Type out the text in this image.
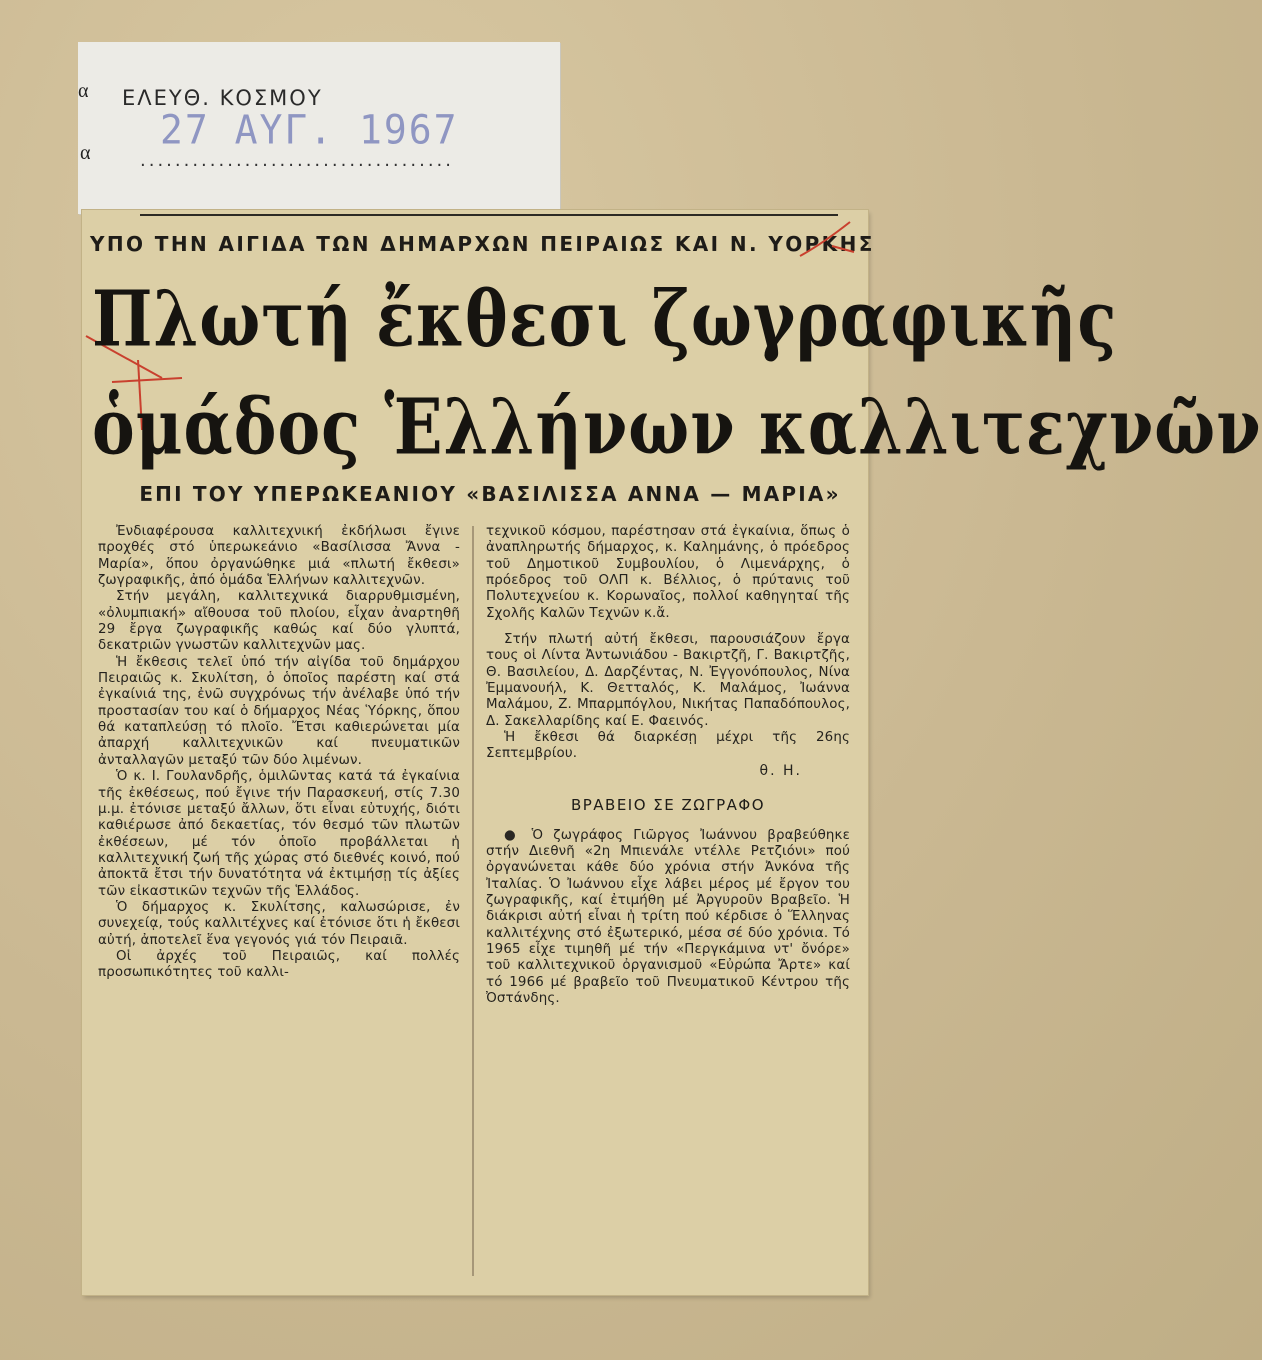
α ΕΛΕΥΘ. ΚΟΣΜΟΥ
27 ΑΥΓ. 1967
α	....................................
ΥΠΟ ΤΗΝ ΑΙΓΙΔΑ ΤΩΝ ΔΗΜΑΡΧΩΝ ΠΕΙΡΑΙΩΣ ΚΑΙ Ν. ΥΟΡΚΗΣ
Πλωτή ἔκθεσι ζωγραφικῆς
ὁμάδος Ἑλλήνων καλλιτεχνῶν
ΕΠΙ ΤΟΥ ΥΠΕΡΩΚΕΑΝΙΟΥ «ΒΑΣΙΛΙΣΣΑ ΑΝΝΑ — ΜΑΡΙΑ»

Ἐνδιαφέρουσα καλλιτεχνική ἐκδήλωσι ἔγινε προχθές στό ὑπερωκεάνιο «Βασίλισσα Ἄννα - Μαρία», ὅπου ὀργανώθηκε μιά «πλωτή ἔκθεσι» ζωγραφικῆς, ἀπό ὁμάδα Ἑλλήνων καλλιτεχνῶν.

Στήν μεγάλη, καλλιτεχνικά διαρρυθμισμένη, «ὀλυμπιακή» αἴθουσα τοῦ πλοίου, εἶχαν ἀναρτηθῆ 29 ἔργα ζωγραφικῆς καθώς καί δύο γλυπτά, δεκατριῶν γνωστῶν καλλιτεχνῶν μας.

Ἡ ἔκθεσις τελεῖ ὑπό τήν αἰγίδα τοῦ δημάρχου Πειραιῶς κ. Σκυλίτση, ὁ ὁποῖος παρέστη καί στά ἐγκαίνιά της, ἐνῶ συγχρόνως τήν ἀνέλαβε ὑπό τήν προστασίαν του καί ὁ δήμαρχος Νέας Ὑόρκης, ὅπου θά καταπλεύσῃ τό πλοῖο. Ἔτσι καθιερώνεται μία ἀπαρχή καλλιτεχνικῶν καί πνευματικῶν ἀνταλλαγῶν μεταξύ τῶν δύο λιμένων.

Ὁ κ. Ι. Γουλανδρῆς, ὁμιλῶντας κατά τά ἐγκαίνια τῆς ἐκθέσεως, πού ἔγινε τήν Παρασκευή, στίς 7.30 μ.μ. ἐτόνισε μεταξύ ἄλλων, ὅτι εἶναι εὐτυχής, διότι καθιέρωσε ἀπό δεκαετίας, τόν θεσμό τῶν πλωτῶν ἐκθέσεων, μέ τόν ὁποῖο προβάλλεται ἡ καλλιτεχνική ζωή τῆς χώρας στό διεθνές κοινό, πού ἀποκτᾶ ἔτσι τήν δυνατότητα νά ἐκτιμήσῃ τίς ἀξίες τῶν εἰκαστικῶν τεχνῶν τῆς Ἑλλάδος.

Ὁ δήμαρχος κ. Σκυλίτσης, καλωσώρισε, ἐν συνεχείᾳ, τούς καλλιτέχνες καί ἐτόνισε ὅτι ἡ ἔκθεσι αὐτή, ἀποτελεῖ ἕνα γεγονός γιά τόν Πειραιᾶ.

Οἱ ἀρχές τοῦ Πειραιῶς, καί πολλές προσωπικότητες τοῦ καλλι-

τεχνικοῦ κόσμου, παρέστησαν στά ἐγκαίνια, ὅπως ὁ ἀναπληρωτής δήμαρχος, κ. Καλημάνης, ὁ πρόεδρος τοῦ Δημοτικοῦ Συμβουλίου, ὁ Λιμενάρχης, ὁ πρόεδρος τοῦ ΟΛΠ κ. Βέλλιος, ὁ πρύτανις τοῦ Πολυτεχνείου κ. Κορωναῖος, πολλοί καθηγηταί τῆς Σχολῆς Καλῶν Τεχνῶν κ.ἄ.

Στήν πλωτή αὐτή ἔκθεσι, παρουσιάζουν ἔργα τους οἱ Λίντα Ἀντωνιάδου - Βακιρτζῆ, Γ. Βακιρτζῆς, Θ. Βασιλείου, Δ. Δαρζέντας, Ν. Ἐγγονόπουλος, Νίνα Ἐμμανουήλ, Κ. Θετταλός, Κ. Μαλάμος, Ἰωάννα Μαλάμου, Ζ. Μπαρμπόγλου, Νικήτας Παπαδόπουλος, Δ. Σακελλαρίδης καί Ε. Φαεινός.

Ἡ ἔκθεσι θά διαρκέσῃ μέχρι τῆς 26ης Σεπτεμβρίου.

θ. Η.

ΒΡΑΒΕΙΟ ΣΕ ΖΩΓΡΑΦΟ

● Ὁ ζωγράφος Γιῶργος Ἰωάννου βραβεύθηκε στήν Διεθνῆ «2η Μπιενάλε ντέλλε Ρετζιόνι» πού ὀργανώνεται κάθε δύο χρόνια στήν Ἀνκόνα τῆς Ἰταλίας. Ὁ Ἰωάννου εἶχε λάβει μέρος μέ ἔργον του ζωγραφικῆς, καί ἐτιμήθη μέ Ἀργυροῦν Βραβεῖο. Ἡ διάκρισι αὐτή εἶναι ἡ τρίτη πού κέρδισε ὁ Ἕλληνας καλλιτέχνης στό ἐξωτερικό, μέσα σέ δύο χρόνια. Τό 1965 εἶχε τιμηθῆ μέ τήν «Περγκάμινα ντ' ὄνόρε» τοῦ καλλιτεχνικοῦ ὀργανισμοῦ «Εὐρώπα Ἄρτε» καί τό 1966 μέ βραβεῖο τοῦ Πνευματικοῦ Κέντρου τῆς Ὀστάνδης.
